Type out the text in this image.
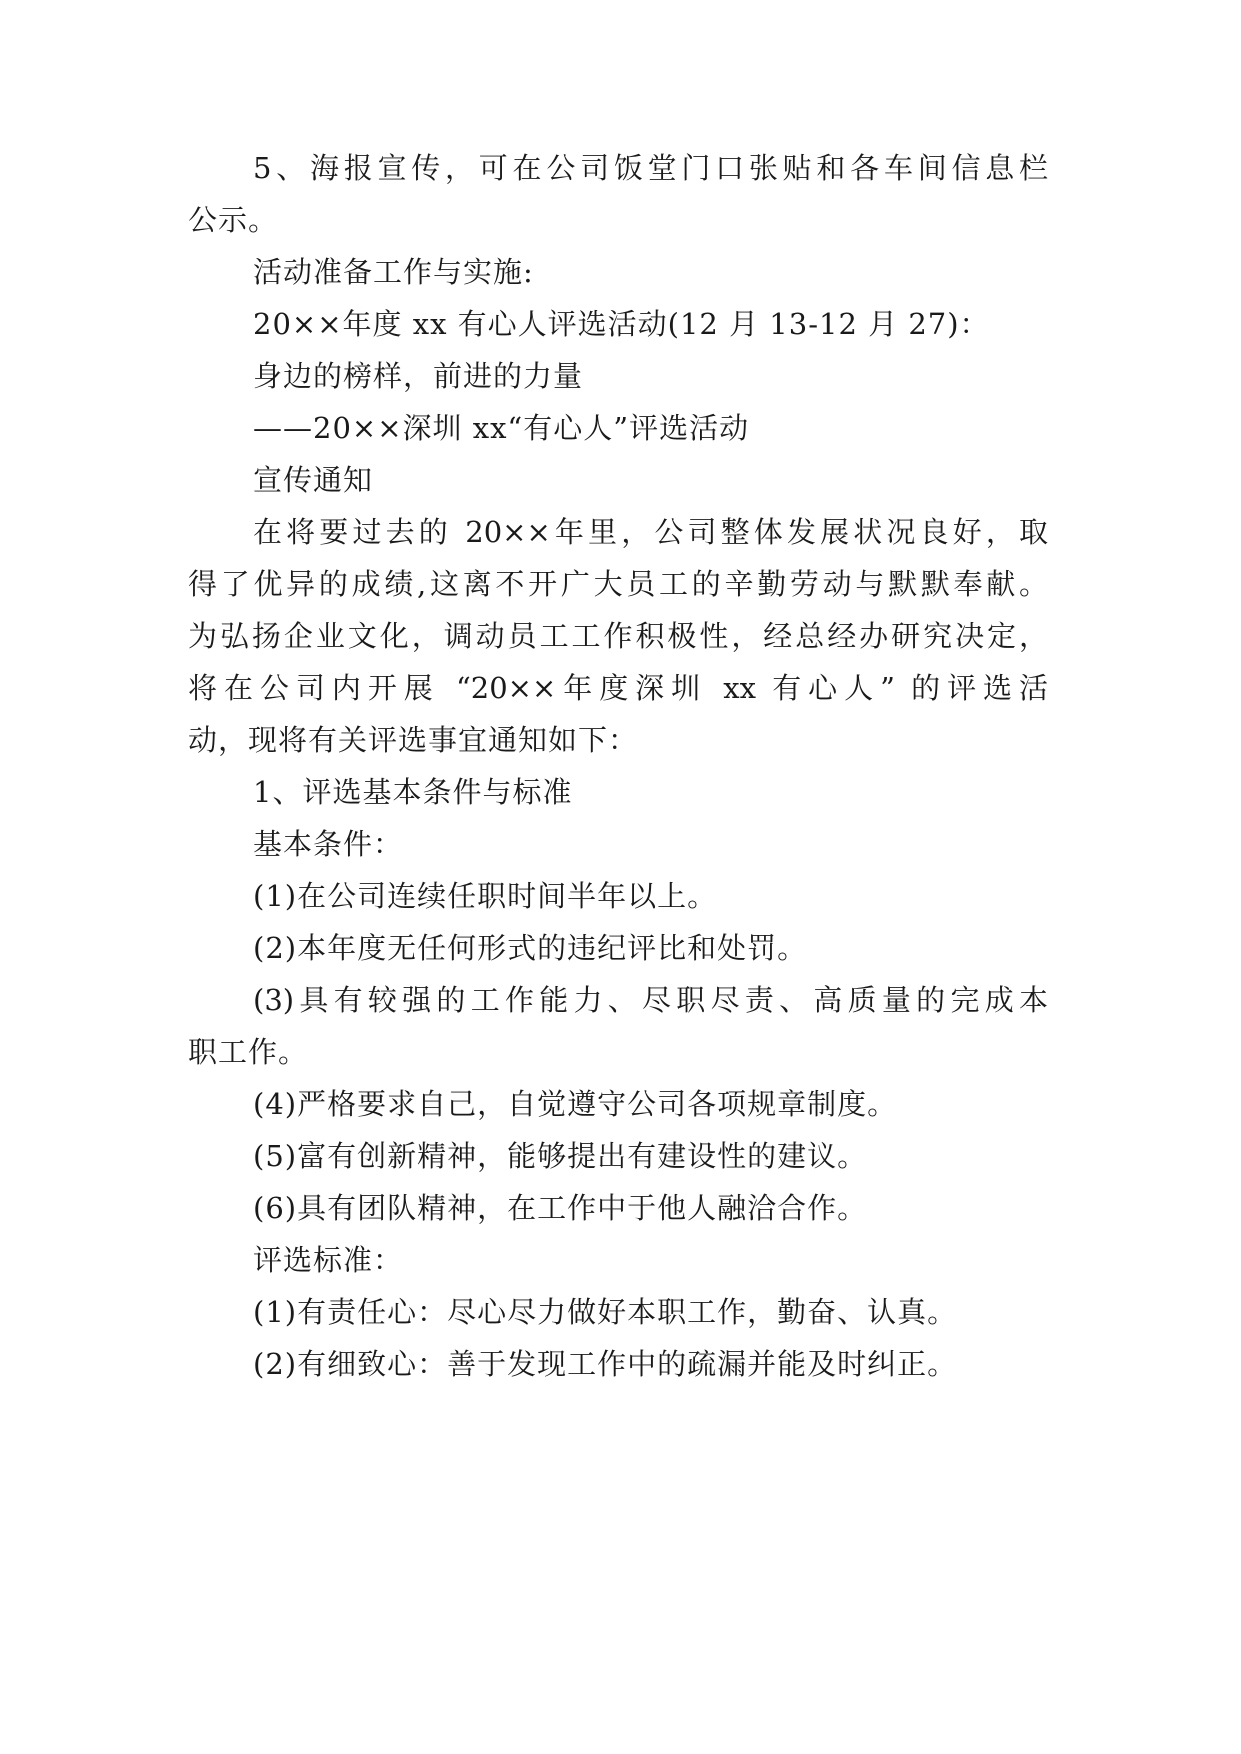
5、海报宣传，可在公司饭堂门口张贴和各车间信息栏
公示。
活动准备工作与实施:
20××年度 xx 有心人评选活动(12 月 13-12 月 27)：
身边的榜样，前进的力量
——20××深圳 xx“有心人”评选活动
宣传通知
在将要过去的 20××年里，公司整体发展状况良好，取
得了优异的成绩,这离不开广大员工的辛勤劳动与默默奉献。
为弘扬企业文化，调动员工工作积极性，经总经办研究决定，
将在公司内开展 “20××年度深圳 xx 有心人” 的评选活
动，现将有关评选事宜通知如下：
1、评选基本条件与标准
基本条件：
(1)在公司连续任职时间半年以上。
(2)本年度无任何形式的违纪评比和处罚。
(3)具有较强的工作能力、尽职尽责、高质量的完成本
职工作。
(4)严格要求自己，自觉遵守公司各项规章制度。
(5)富有创新精神，能够提出有建设性的建议。
(6)具有团队精神，在工作中于他人融洽合作。
评选标准：
(1)有责任心：尽心尽力做好本职工作，勤奋、认真。
(2)有细致心：善于发现工作中的疏漏并能及时纠正。
